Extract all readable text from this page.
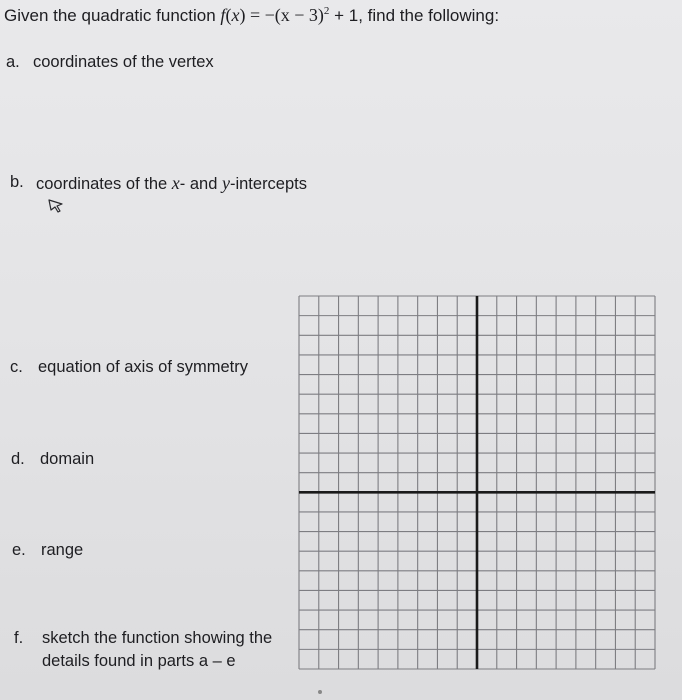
Given the quadratic function $f(x) = -(x - 3)^2 + 1$, find the following:
a. coordinates of the vertex
b. coordinates of the x- and y-intercepts
c. equation of axis of symmetry
d. domain
e. range
f. sketch the function showing the
details found in parts a – e
